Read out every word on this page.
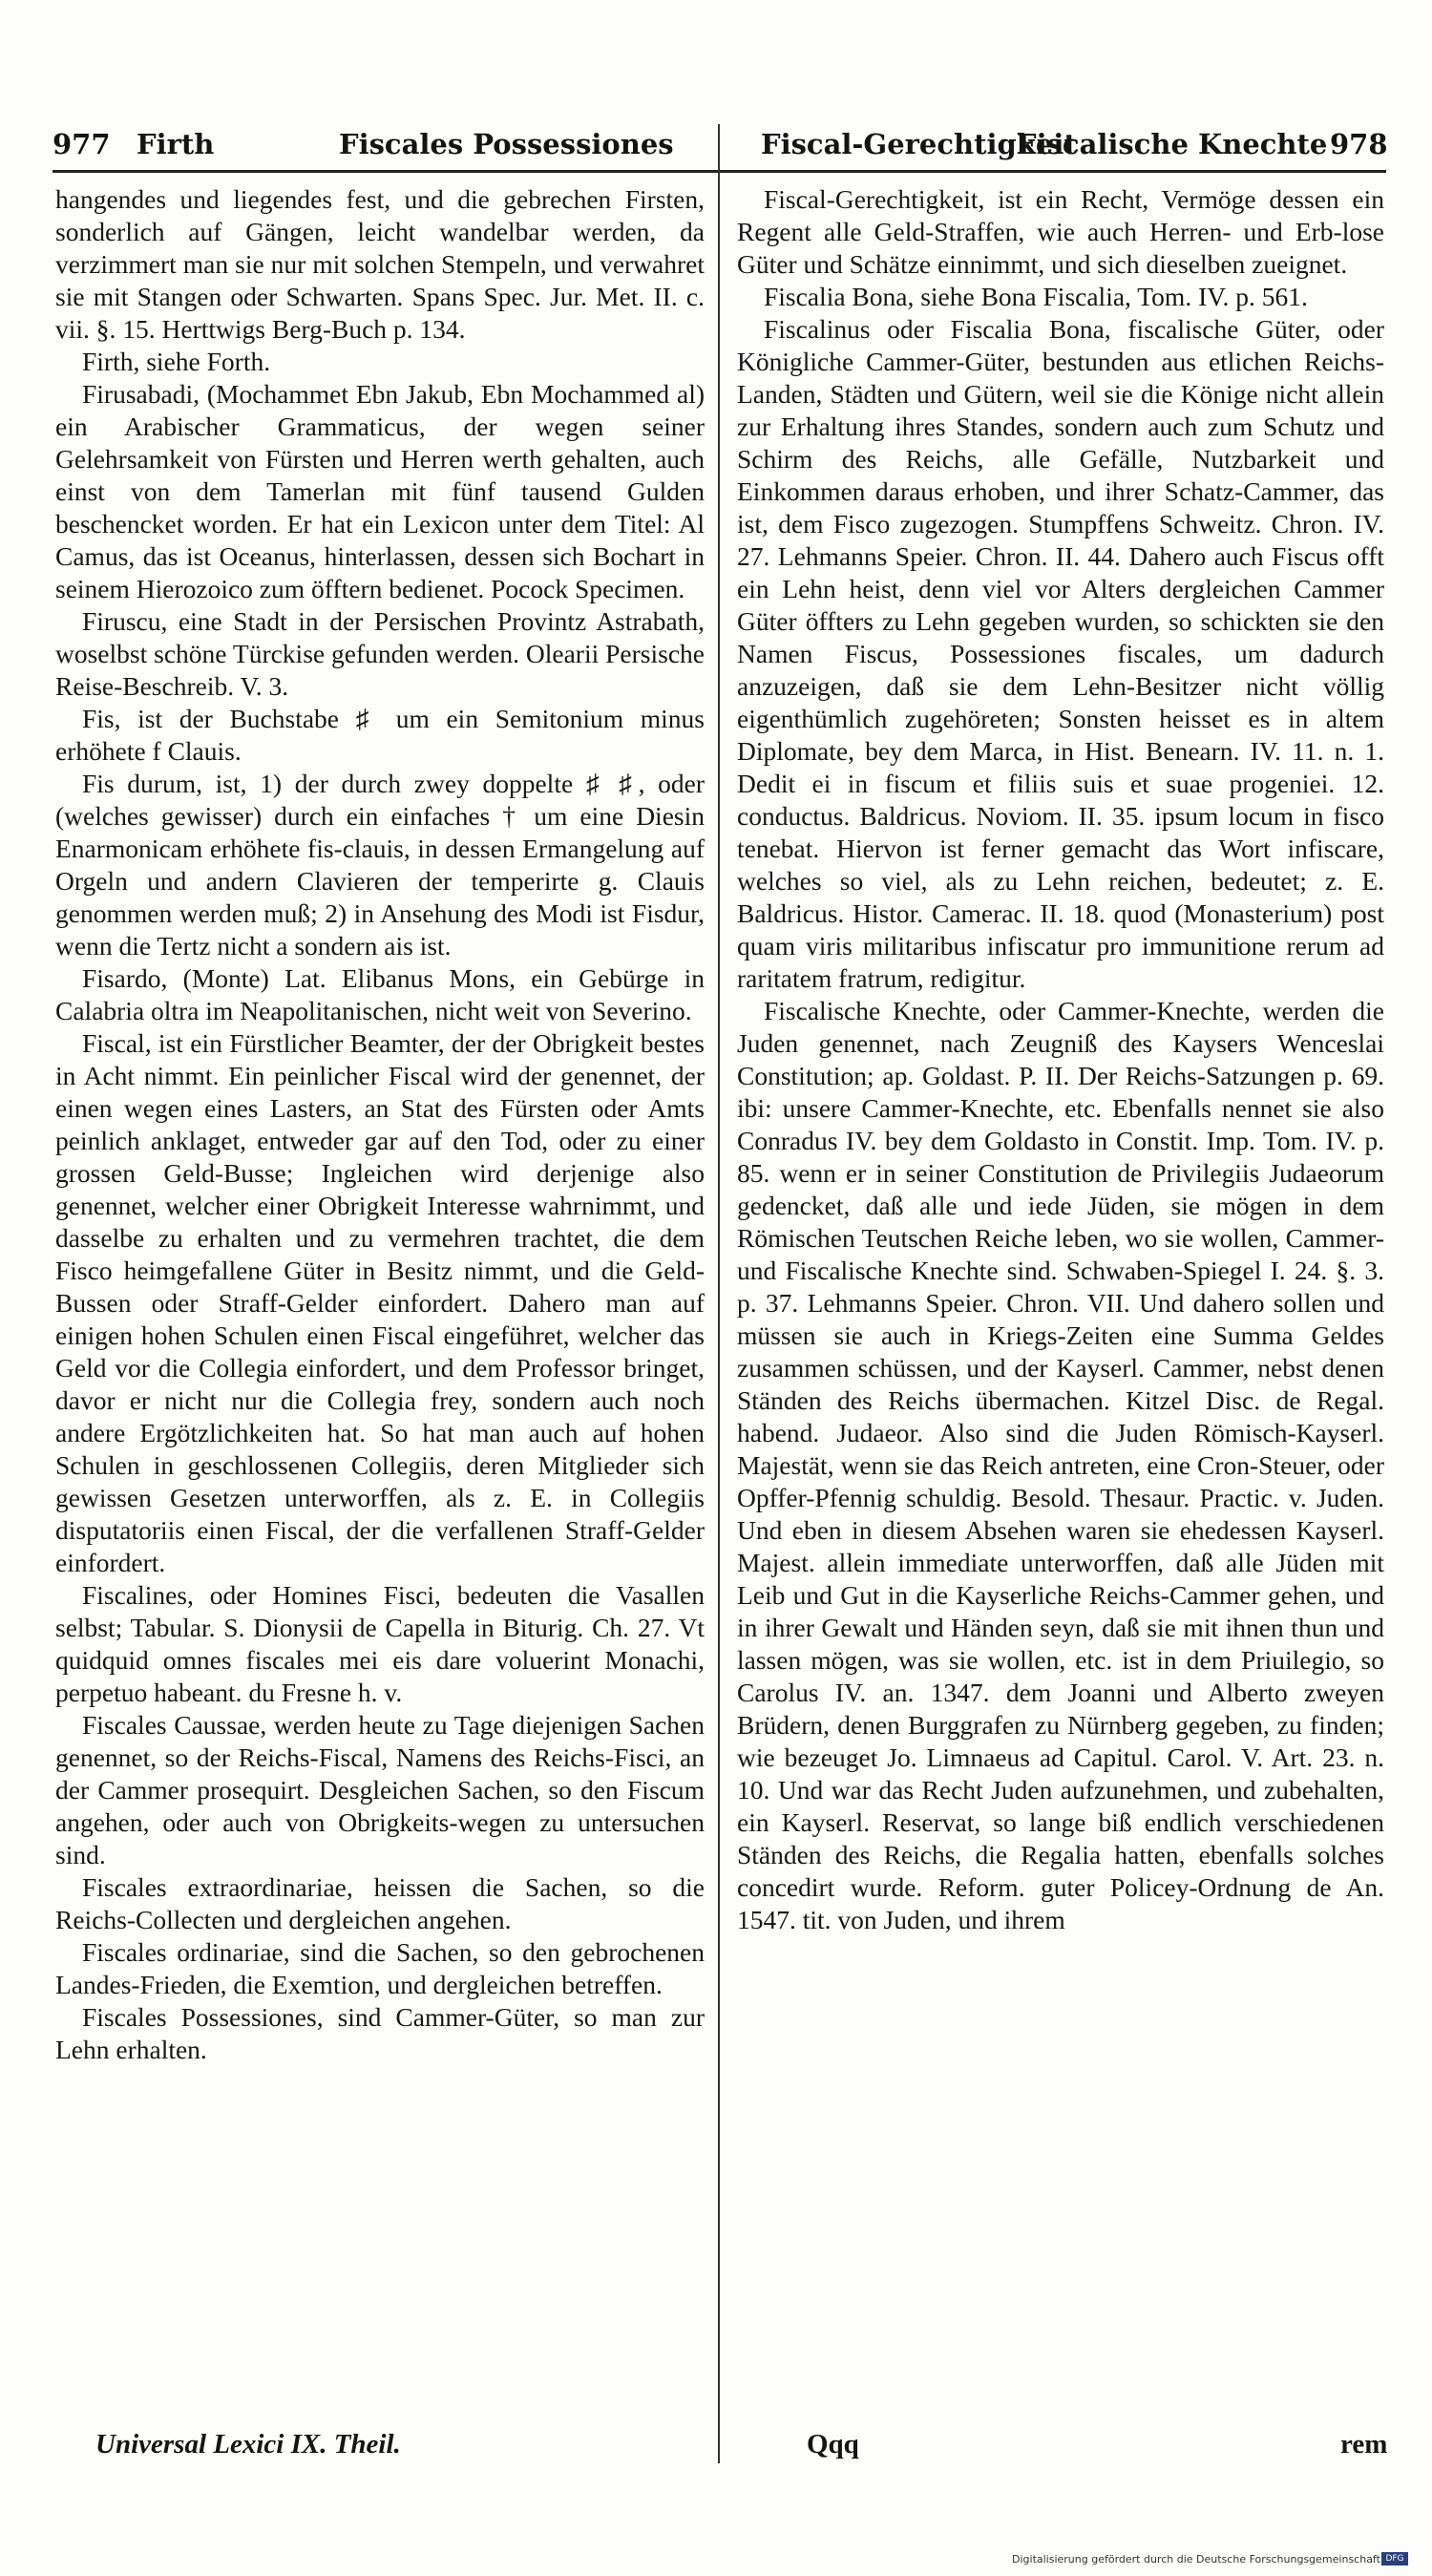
977 Firth	Fiscales Possessiones	Fiscal-Gerechtigkeit
Fiscalische Knechte 978

hangendes und liegendes fest, und die gebrechen Firsten, sonderlich auf Gängen, leicht wandelbar werden, da verzimmert man sie nur mit solchen Stempeln, und verwahret sie mit Stangen oder Schwarten. Spans Spec. Jur. Met. II. c. vii. §. 15. Herttwigs Berg-Buch p. 134.

Firth, siehe Forth.

Firusabadi, (Mochammet Ebn Jakub, Ebn Mochammed al) ein Arabischer Grammaticus, der wegen seiner Gelehrsamkeit von Fürsten und Herren werth gehalten, auch einst von dem Tamerlan mit fünf tausend Gulden beschencket worden. Er hat ein Lexicon unter dem Titel: Al Camus, das ist Oceanus, hinterlassen, dessen sich Bochart in seinem Hierozoico zum öfftern bedienet. Pocock Specimen.

Firuscu, eine Stadt in der Persischen Provintz Astrabath, woselbst schöne Türckise gefunden werden. Olearii Persische Reise-Beschreib. V. 3.

Fis, ist der Buchstabe ♯ um ein Semitonium minus erhöhete f Clauis.

Fis durum, ist, 1) der durch zwey doppelte ♯ ♯, oder (welches gewisser) durch ein einfaches † um eine Diesin Enarmonicam erhöhete fis-clauis, in dessen Ermangelung auf Orgeln und andern Clavieren der temperirte g. Clauis genommen werden muß; 2) in Ansehung des Modi ist Fisdur, wenn die Tertz nicht a sondern ais ist.

Fisardo, (Monte) Lat. Elibanus Mons, ein Gebürge in Calabria oltra im Neapolitanischen, nicht weit von Severino.

Fiscal, ist ein Fürstlicher Beamter, der der Obrigkeit bestes in Acht nimmt. Ein peinlicher Fiscal wird der genennet, der einen wegen eines Lasters, an Stat des Fürsten oder Amts peinlich anklaget, entweder gar auf den Tod, oder zu einer grossen Geld-Busse; Ingleichen wird derjenige also genennet, welcher einer Obrigkeit Interesse wahrnimmt, und dasselbe zu erhalten und zu vermehren trachtet, die dem Fisco heimgefallene Güter in Besitz nimmt, und die Geld-Bussen oder Straff-Gelder einfordert. Dahero man auf einigen hohen Schulen einen Fiscal eingeführet, welcher das Geld vor die Collegia einfordert, und dem Professor bringet, davor er nicht nur die Collegia frey, sondern auch noch andere Ergötzlichkeiten hat. So hat man auch auf hohen Schulen in geschlossenen Collegiis, deren Mitglieder sich gewissen Gesetzen unterworffen, als z. E. in Collegiis disputatoriis einen Fiscal, der die verfallenen Straff-Gelder einfordert.

Fiscalines, oder Homines Fisci, bedeuten die Vasallen selbst; Tabular. S. Dionysii de Capella in Biturig. Ch. 27. Vt quidquid omnes fiscales mei eis dare voluerint Monachi, perpetuo habeant. du Fresne h. v.

Fiscales Caussae, werden heute zu Tage diejenigen Sachen genennet, so der Reichs-Fiscal, Namens des Reichs-Fisci, an der Cammer prosequirt. Desgleichen Sachen, so den Fiscum angehen, oder auch von Obrigkeits-wegen zu untersuchen sind.

Fiscales extraordinariae, heissen die Sachen, so die Reichs-Collecten und dergleichen angehen.

Fiscales ordinariae, sind die Sachen, so den gebrochenen Landes-Frieden, die Exemtion, und dergleichen betreffen.

Fiscales Possessiones, sind Cammer-Güter, so man zur Lehn erhalten.

Fiscal-Gerechtigkeit, ist ein Recht, Vermöge dessen ein Regent alle Geld-Straffen, wie auch Herren- und Erb-lose Güter und Schätze einnimmt, und sich dieselben zueignet.

Fiscalia Bona, siehe Bona Fiscalia, Tom. IV. p. 561.

Fiscalinus oder Fiscalia Bona, fiscalische Güter, oder Königliche Cammer-Güter, bestunden aus etlichen Reichs-Landen, Städten und Gütern, weil sie die Könige nicht allein zur Erhaltung ihres Standes, sondern auch zum Schutz und Schirm des Reichs, alle Gefälle, Nutzbarkeit und Einkommen daraus erhoben, und ihrer Schatz-Cammer, das ist, dem Fisco zugezogen. Stumpffens Schweitz. Chron. IV. 27. Lehmanns Speier. Chron. II. 44. Dahero auch Fiscus offt ein Lehn heist, denn viel vor Alters dergleichen Cammer Güter öffters zu Lehn gegeben wurden, so schickten sie den Namen Fiscus, Possessiones fiscales, um dadurch anzuzeigen, daß sie dem Lehn-Besitzer nicht völlig eigenthümlich zugehöreten; Sonsten heisset es in altem Diplomate, bey dem Marca, in Hist. Benearn. IV. 11. n. 1. Dedit ei in fiscum et filiis suis et suae progeniei. 12. conductus. Baldricus. Noviom. II. 35. ipsum locum in fisco tenebat. Hiervon ist ferner gemacht das Wort infiscare, welches so viel, als zu Lehn reichen, bedeutet; z. E. Baldricus. Histor. Camerac. II. 18. quod (Monasterium) post quam viris militaribus infiscatur pro immunitione rerum ad raritatem fratrum, redigitur.

Fiscalische Knechte, oder Cammer-Knechte, werden die Juden genennet, nach Zeugniß des Kaysers Wenceslai Constitution; ap. Goldast. P. II. Der Reichs-Satzungen p. 69. ibi: unsere Cammer-Knechte, etc. Ebenfalls nennet sie also Conradus IV. bey dem Goldasto in Constit. Imp. Tom. IV. p. 85. wenn er in seiner Constitution de Privilegiis Judaeorum gedencket, daß alle und iede Jüden, sie mögen in dem Römischen Teutschen Reiche leben, wo sie wollen, Cammer- und Fiscalische Knechte sind. Schwaben-Spiegel I. 24. §. 3. p. 37. Lehmanns Speier. Chron. VII. Und dahero sollen und müssen sie auch in Kriegs-Zeiten eine Summa Geldes zusammen schüssen, und der Kayserl. Cammer, nebst denen Ständen des Reichs übermachen. Kitzel Disc. de Regal. habend. Judaeor. Also sind die Juden Römisch-Kayserl. Majestät, wenn sie das Reich antreten, eine Cron-Steuer, oder Opffer-Pfennig schuldig. Besold. Thesaur. Practic. v. Juden. Und eben in diesem Absehen waren sie ehedessen Kayserl. Majest. allein immediate unterworffen, daß alle Jüden mit Leib und Gut in die Kayserliche Reichs-Cammer gehen, und in ihrer Gewalt und Händen seyn, daß sie mit ihnen thun und lassen mögen, was sie wollen, etc. ist in dem Priuilegio, so Carolus IV. an. 1347. dem Joanni und Alberto zweyen Brüdern, denen Burggrafen zu Nürnberg gegeben, zu finden; wie bezeuget Jo. Limnaeus ad Capitul. Carol. V. Art. 23. n. 10. Und war das Recht Juden aufzunehmen, und zubehalten, ein Kayserl. Reservat, so lange biß endlich verschiedenen Ständen des Reichs, die Regalia hatten, ebenfalls solches concedirt wurde. Reform. guter Policey-Ordnung de An. 1547. tit. von Juden, und ihrem

Universal Lexici IX. Theil.	Qqq	rem
Digitalisierung gefördert durch die Deutsche Forschungsgemeinschaft DFG
